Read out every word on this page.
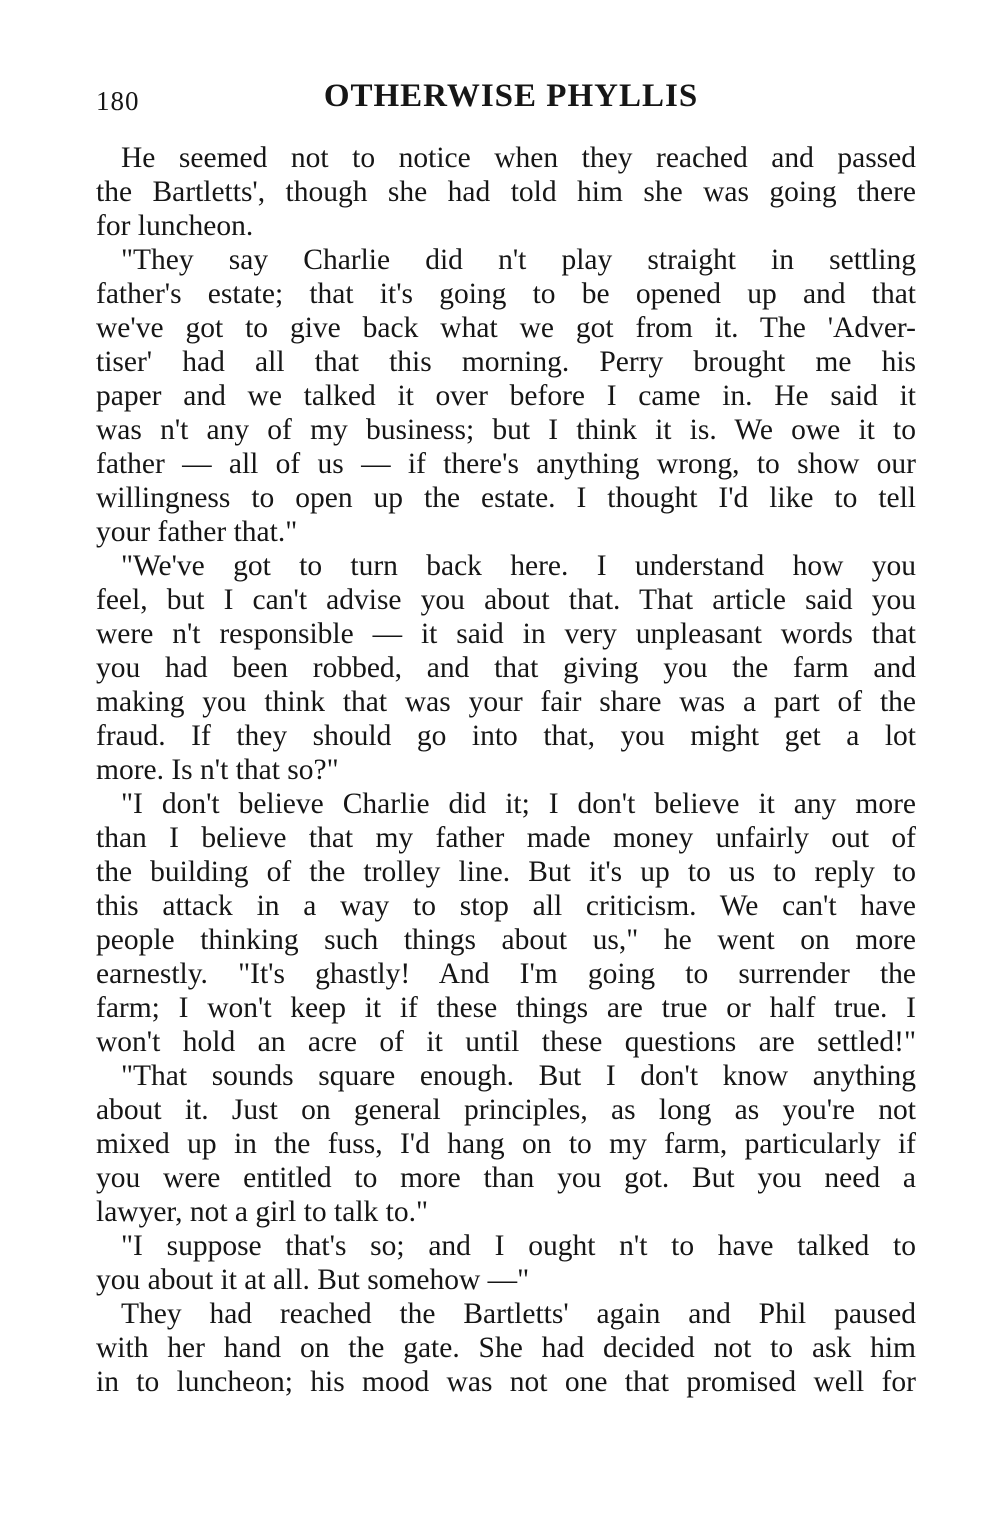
180	OTHERWISE PHYLLIS
He seemed not to notice when they reached and passed
the Bartletts', though she had told him she was going there
for luncheon.
"They say Charlie did n't play straight in settling
father's estate; that it's going to be opened up and that
we've got to give back what we got from it. The 'Adver-
tiser' had all that this morning. Perry brought me his
paper and we talked it over before I came in. He said it
was n't any of my business; but I think it is. We owe it to
father — all of us — if there's anything wrong, to show our
willingness to open up the estate. I thought I'd like to tell
your father that."
"We've got to turn back here. I understand how you
feel, but I can't advise you about that. That article said you
were n't responsible — it said in very unpleasant words that
you had been robbed, and that giving you the farm and
making you think that was your fair share was a part of the
fraud. If they should go into that, you might get a lot
more. Is n't that so?"
"I don't believe Charlie did it; I don't believe it any more
than I believe that my father made money unfairly out of
the building of the trolley line. But it's up to us to reply to
this attack in a way to stop all criticism. We can't have
people thinking such things about us," he went on more
earnestly. "It's ghastly! And I'm going to surrender the
farm; I won't keep it if these things are true or half true. I
won't hold an acre of it until these questions are settled!"
"That sounds square enough. But I don't know anything
about it. Just on general principles, as long as you're not
mixed up in the fuss, I'd hang on to my farm, particularly if
you were entitled to more than you got. But you need a
lawyer, not a girl to talk to."
"I suppose that's so; and I ought n't to have talked to
you about it at all. But somehow —"
They had reached the Bartletts' again and Phil paused
with her hand on the gate. She had decided not to ask him
in to luncheon; his mood was not one that promised well for
